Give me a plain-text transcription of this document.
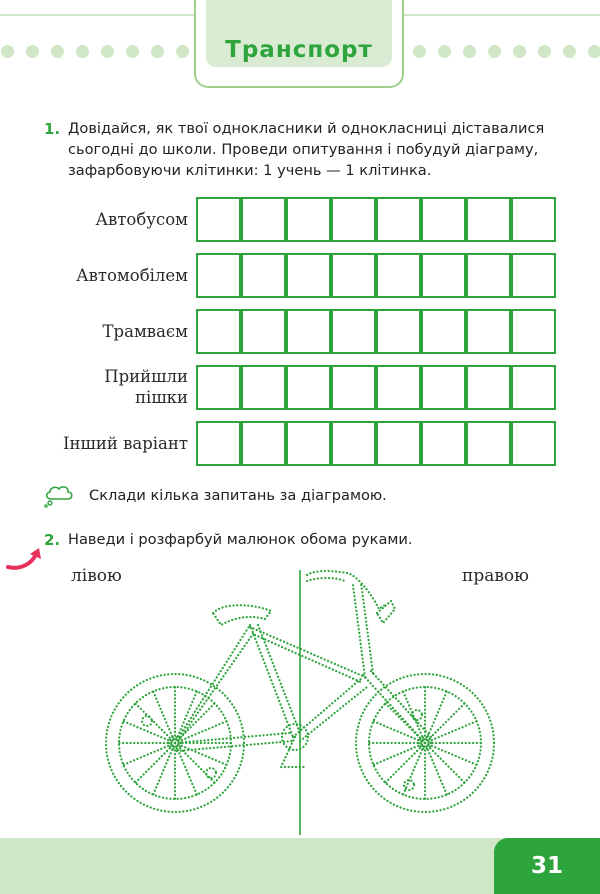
Транспорт
1. Довідайся, як твої однокласники й однокласниці діставалися
сьогодні до школи. Проведи опитування і побудуй діаграму,
зафарбовуючи клітинки: 1 учень — 1 клітинка.
Автобусом
Автомобілем
Трамваєм
Прийшли
пішки
Інший варіант
Склади кілька запитань за діаграмою.
2. Наведи і розфарбуй малюнок обома руками.
лівою	правою
31
